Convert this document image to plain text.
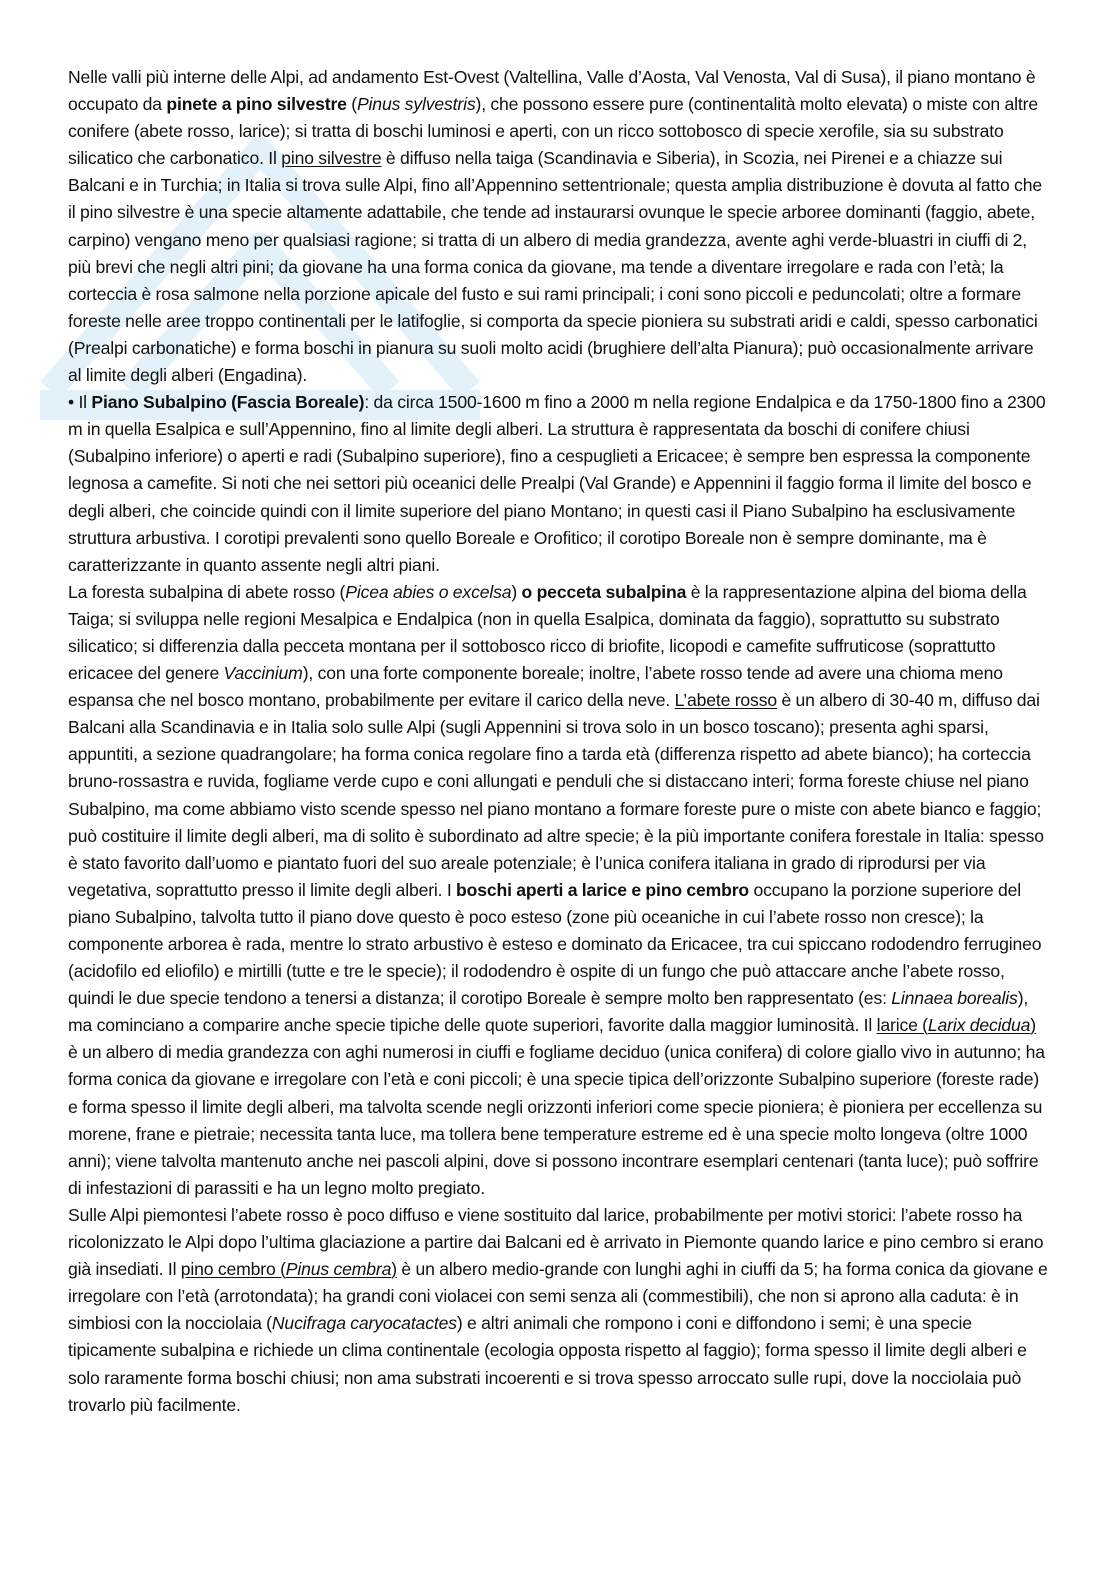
Nelle valli più interne delle Alpi, ad andamento Est-Ovest (Valtellina, Valle d’Aosta, Val Venosta, Val di Susa), il piano montano è occupato da pinete a pino silvestre (Pinus sylvestris), che possono essere pure (continentalità molto elevata) o miste con altre conifere (abete rosso, larice); si tratta di boschi luminosi e aperti, con un ricco sottobosco di specie xerofile, sia su substrato silicatico che carbonatico. Il pino silvestre è diffuso nella taiga (Scandinavia e Siberia), in Scozia, nei Pirenei e a chiazze sui Balcani e in Turchia; in Italia si trova sulle Alpi, fino all’Appennino settentrionale; questa amplia distribuzione è dovuta al fatto che il pino silvestre è una specie altamente adattabile, che tende ad instaurarsi ovunque le specie arboree dominanti (faggio, abete, carpino) vengano meno per qualsiasi ragione; si tratta di un albero di media grandezza, avente aghi verde-bluastri in ciuffi di 2, più brevi che negli altri pini; da giovane ha una forma conica da giovane, ma tende a diventare irregolare e rada con l’età; la corteccia è rosa salmone nella porzione apicale del fusto e sui rami principali; i coni sono piccoli e peduncolati; oltre a formare foreste nelle aree troppo continentali per le latifoglie, si comporta da specie pioniera su substrati aridi e caldi, spesso carbonatici (Prealpi carbonatiche) e forma boschi in pianura su suoli molto acidi (brughiere dell’alta Pianura); può occasionalmente arrivare al limite degli alberi (Engadina).

• Il Piano Subalpino (Fascia Boreale): da circa 1500-1600 m fino a 2000 m nella regione Endalpica e da 1750-1800 fino a 2300 m in quella Esalpica e sull’Appennino, fino al limite degli alberi. La struttura è rappresentata da boschi di conifere chiusi (Subalpino inferiore) o aperti e radi (Subalpino superiore), fino a cespuglieti a Ericacee; è sempre ben espressa la componente legnosa a camefite. Si noti che nei settori più oceanici delle Prealpi (Val Grande) e Appennini il faggio forma il limite del bosco e degli alberi, che coincide quindi con il limite superiore del piano Montano; in questi casi il Piano Subalpino ha esclusivamente struttura arbustiva. I corotipi prevalenti sono quello Boreale e Orofitico; il corotipo Boreale non è sempre dominante, ma è caratterizzante in quanto assente negli altri piani.

La foresta subalpina di abete rosso (Picea abies o excelsa) o pecceta subalpina è la rappresentazione alpina del bioma della Taiga; si sviluppa nelle regioni Mesalpica e Endalpica (non in quella Esalpica, dominata da faggio), soprattutto su substrato silicatico; si differenzia dalla pecceta montana per il sottobosco ricco di briofite, licopodi e camefite suffruticose (soprattutto ericacee del genere Vaccinium), con una forte componente boreale; inoltre, l’abete rosso tende ad avere una chioma meno espansa che nel bosco montano, probabilmente per evitare il carico della neve. L’abete rosso è un albero di 30-40 m, diffuso dai Balcani alla Scandinavia e in Italia solo sulle Alpi (sugli Appennini si trova solo in un bosco toscano); presenta aghi sparsi, appuntiti, a sezione quadrangolare; ha forma conica regolare fino a tarda età (differenza rispetto ad abete bianco); ha corteccia bruno-rossastra e ruvida, fogliame verde cupo e coni allungati e penduli che si distaccano interi; forma foreste chiuse nel piano Subalpino, ma come abbiamo visto scende spesso nel piano montano a formare foreste pure o miste con abete bianco e faggio; può costituire il limite degli alberi, ma di solito è subordinato ad altre specie; è la più importante conifera forestale in Italia: spesso è stato favorito dall’uomo e piantato fuori del suo areale potenziale; è l’unica conifera italiana in grado di riprodursi per via vegetativa, soprattutto presso il limite degli alberi. I boschi aperti a larice e pino cembro occupano la porzione superiore del piano Subalpino, talvolta tutto il piano dove questo è poco esteso (zone più oceaniche in cui l’abete rosso non cresce); la componente arborea è rada, mentre lo strato arbustivo è esteso e dominato da Ericacee, tra cui spiccano rododendro ferrugineo (acidofilo ed eliofilo) e mirtilli (tutte e tre le specie); il rododendro è ospite di un fungo che può attaccare anche l’abete rosso, quindi le due specie tendono a tenersi a distanza; il corotipo Boreale è sempre molto ben rappresentato (es: Linnaea borealis), ma cominciano a comparire anche specie tipiche delle quote superiori, favorite dalla maggior luminosità. Il larice (Larix decidua) è un albero di media grandezza con aghi numerosi in ciuffi e fogliame deciduo (unica conifera) di colore giallo vivo in autunno; ha forma conica da giovane e irregolare con l’età e coni piccoli; è una specie tipica dell’orizzonte Subalpino superiore (foreste rade) e forma spesso il limite degli alberi, ma talvolta scende negli orizzonti inferiori come specie pioniera; è pioniera per eccellenza su morene, frane e pietraie; necessita tanta luce, ma tollera bene temperature estreme ed è una specie molto longeva (oltre 1000 anni); viene talvolta mantenuto anche nei pascoli alpini, dove si possono incontrare esemplari centenari (tanta luce); può soffrire di infestazioni di parassiti e ha un legno molto pregiato.

Sulle Alpi piemontesi l’abete rosso è poco diffuso e viene sostituito dal larice, probabilmente per motivi storici: l’abete rosso ha ricolonizzato le Alpi dopo l’ultima glaciazione a partire dai Balcani ed è arrivato in Piemonte quando larice e pino cembro si erano già insediati. Il pino cembro (Pinus cembra) è un albero medio-grande con lunghi aghi in ciuffi da 5; ha forma conica da giovane e irregolare con l’età (arrotondata); ha grandi coni violacei con semi senza ali (commestibili), che non si aprono alla caduta: è in simbiosi con la nocciolaia (Nucifraga caryocatactes) e altri animali che rompono i coni e diffondono i semi; è una specie tipicamente subalpina e richiede un clima continentale (ecologia opposta rispetto al faggio); forma spesso il limite degli alberi e solo raramente forma boschi chiusi; non ama substrati incoerenti e si trova spesso arroccato sulle rupi, dove la nocciolaia può trovarlo più facilmente.
